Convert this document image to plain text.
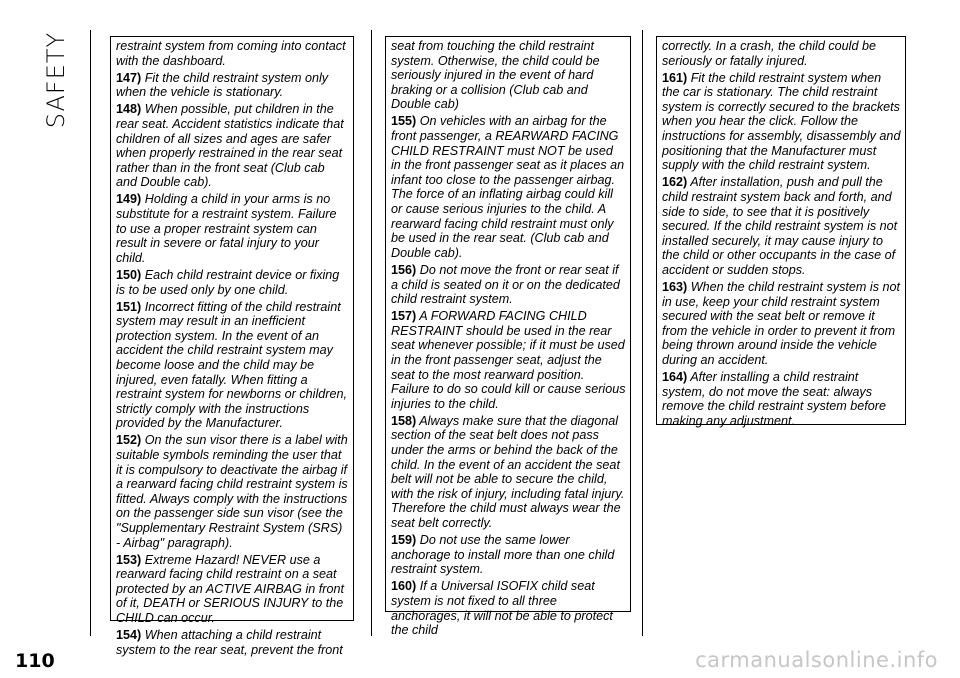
SAFETY	restraint system from coming into contact with the dashboard.

147) Fit the child restraint system only when the vehicle is stationary.

148) When possible, put children in the rear seat. Accident statistics indicate that children of all sizes and ages are safer when properly restrained in the rear seat rather than in the front seat (Club cab and Double cab).

149) Holding a child in your arms is no substitute for a restraint system. Failure to use a proper restraint system can result in severe or fatal injury to your child.

150) Each child restraint device or fixing is to be used only by one child.

151) Incorrect fitting of the child restraint system may result in an inefficient protection system. In the event of an accident the child restraint system may become loose and the child may be injured, even fatally. When fitting a restraint system for newborns or children, strictly comply with the instructions provided by the Manufacturer.

152) On the sun visor there is a label with suitable symbols reminding the user that it is compulsory to deactivate the airbag if a rearward facing child restraint system is fitted. Always comply with the instructions on the passenger side sun visor (see the "Supplementary Restraint System (SRS) - Airbag" paragraph).

153) Extreme Hazard! NEVER use a rearward facing child restraint on a seat protected by an ACTIVE AIRBAG in front of it, DEATH or SERIOUS INJURY to the CHILD can occur.

154) When attaching a child restraint system to the rear seat, prevent the front

seat from touching the child restraint system. Otherwise, the child could be seriously injured in the event of hard braking or a collision (Club cab and Double cab)

155) On vehicles with an airbag for the front passenger, a REARWARD FACING CHILD RESTRAINT must NOT be used in the front passenger seat as it places an infant too close to the passenger airbag. The force of an inflating airbag could kill or cause serious injuries to the child. A rearward facing child restraint must only be used in the rear seat. (Club cab and Double cab).

156) Do not move the front or rear seat if a child is seated on it or on the dedicated child restraint system.

157) A FORWARD FACING CHILD RESTRAINT should be used in the rear seat whenever possible; if it must be used in the front passenger seat, adjust the seat to the most rearward position. Failure to do so could kill or cause serious injuries to the child.

158) Always make sure that the diagonal section of the seat belt does not pass under the arms or behind the back of the child. In the event of an accident the seat belt will not be able to secure the child, with the risk of injury, including fatal injury. Therefore the child must always wear the seat belt correctly.

159) Do not use the same lower anchorage to install more than one child restraint system.

160) If a Universal ISOFIX child seat system is not fixed to all three anchorages, it will not be able to protect the child

correctly. In a crash, the child could be seriously or fatally injured.

161) Fit the child restraint system when the car is stationary. The child restraint system is correctly secured to the brackets when you hear the click. Follow the instructions for assembly, disassembly and positioning that the Manufacturer must supply with the child restraint system.

162) After installation, push and pull the child restraint system back and forth, and side to side, to see that it is positively secured. If the child restraint system is not installed securely, it may cause injury to the child or other occupants in the case of accident or sudden stops.

163) When the child restraint system is not in use, keep your child restraint system secured with the seat belt or remove it from the vehicle in order to prevent it from being thrown around inside the vehicle during an accident.

164) After installing a child restraint system, do not move the seat: always remove the child restraint system before making any adjustment.

110	carmanualsonline.info
